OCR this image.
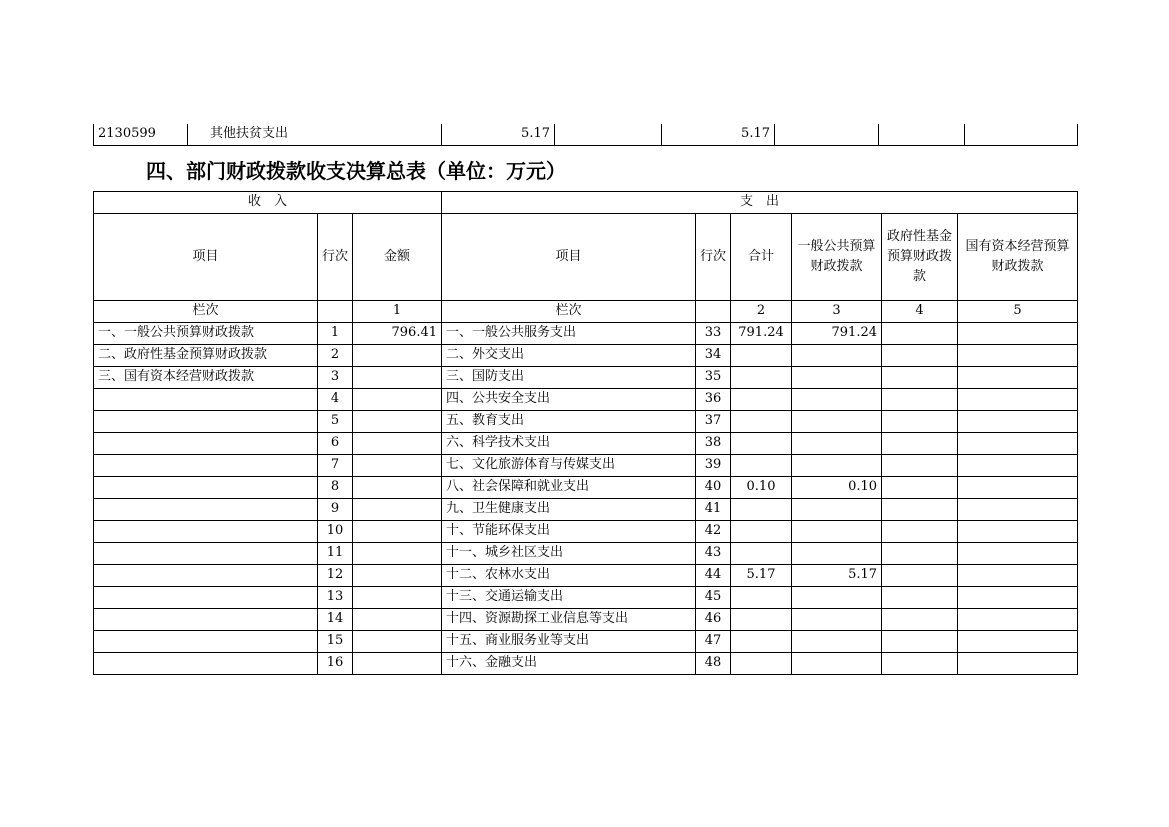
2130599	其他扶贫支出	5.17		5.17			
四、部门财政拨款收支决算总表（单位：万元）
收　入			支　出					
项目	行次	金额	项目	行次	合计	一般公共预算财政拨款	政府性基金预算财政拨款	国有资本经营预算财政拨款
栏次		1	栏次		2	3	4	5
一、一般公共预算财政拨款	1	796.41	一、一般公共服务支出	33	791.24	791.24		
二、政府性基金预算财政拨款	2		二、外交支出	34				
三、国有资本经营财政拨款	3		三、国防支出	35				
	4		四、公共安全支出	36				
	5		五、教育支出	37				
	6		六、科学技术支出	38				
	7		七、文化旅游体育与传媒支出	39				
	8		八、社会保障和就业支出	40	0.10	0.10		
	9		九、卫生健康支出	41				
	10		十、节能环保支出	42				
	11		十一、城乡社区支出	43				
	12		十二、农林水支出	44	5.17	5.17		
	13		十三、交通运输支出	45				
	14		十四、资源勘探工业信息等支出	46				
	15		十五、商业服务业等支出	47				
	16		十六、金融支出	48				
